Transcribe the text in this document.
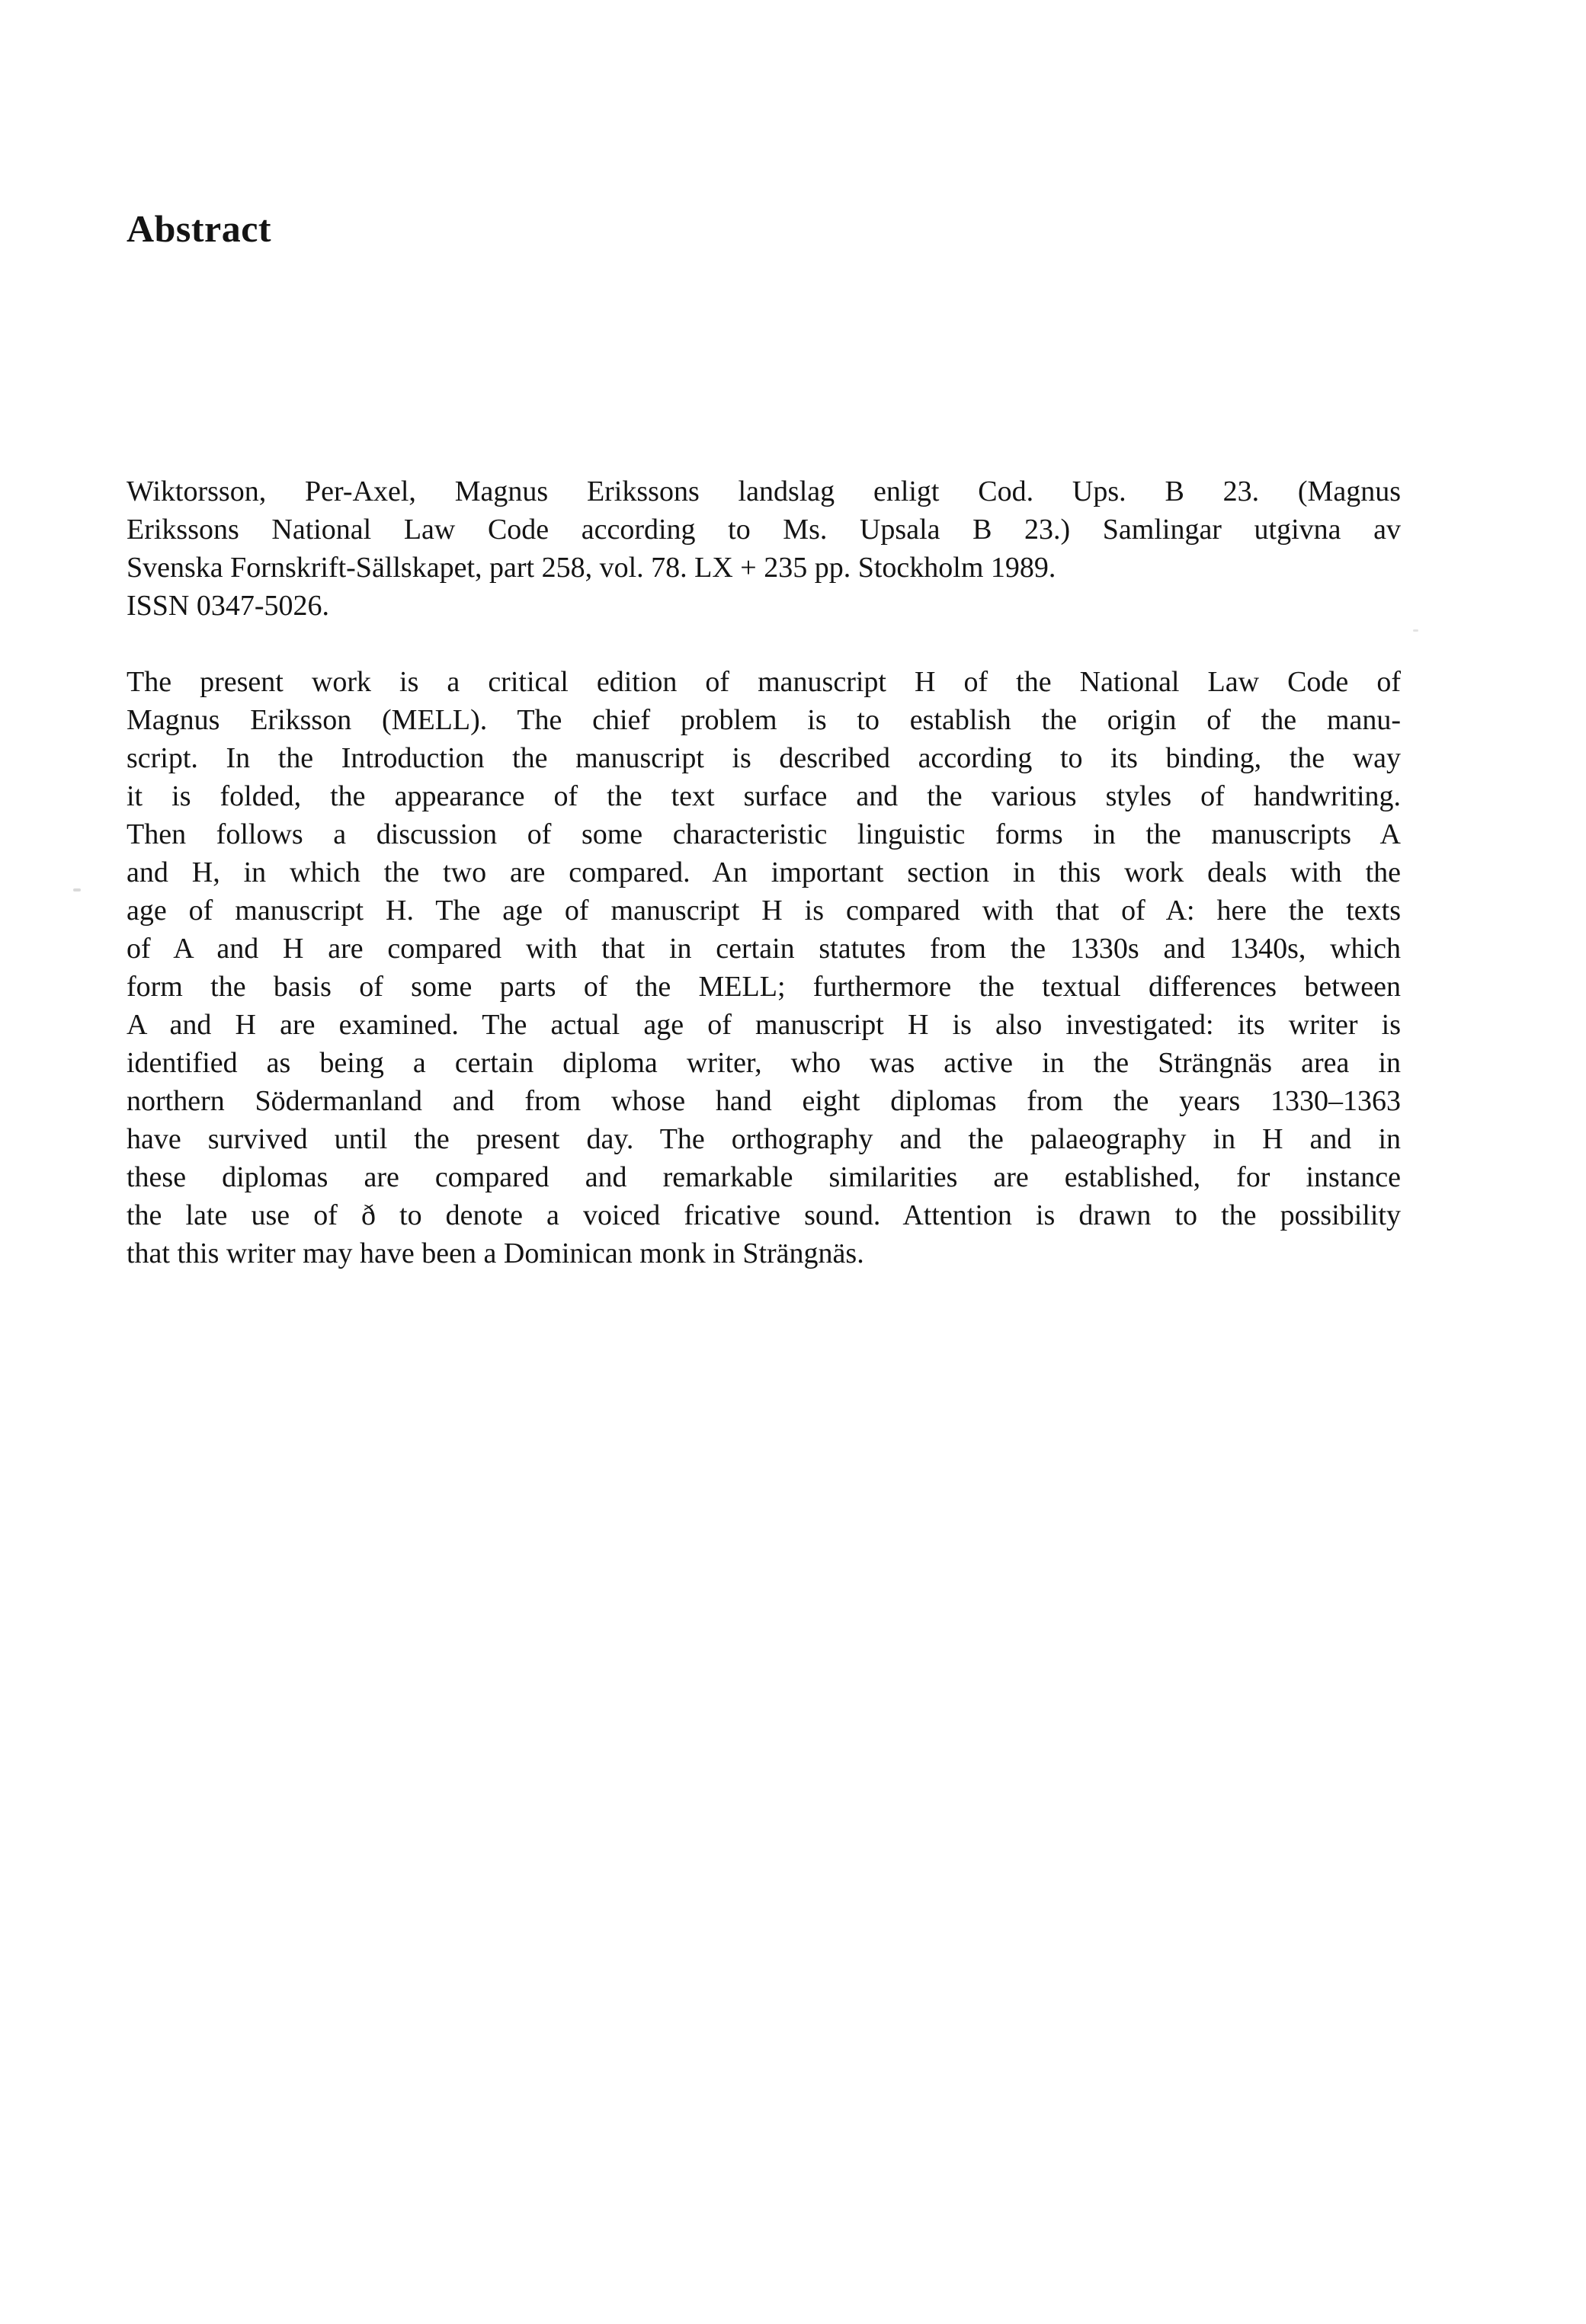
Abstract
Wiktorsson, Per-Axel, Magnus Erikssons landslag enligt Cod. Ups. B 23. (Magnus
Erikssons National Law Code according to Ms. Upsala B 23.) Samlingar utgivna av
Svenska Fornskrift-Sällskapet, part 258, vol. 78. LX + 235 pp. Stockholm 1989.
ISSN 0347-5026.
The present work is a critical edition of manuscript H of the National Law Code of
Magnus Eriksson (MELL). The chief problem is to establish the origin of the manu-
script. In the Introduction the manuscript is described according to its binding, the way
it is folded, the appearance of the text surface and the various styles of handwriting.
Then follows a discussion of some characteristic linguistic forms in the manuscripts A
and H, in which the two are compared. An important section in this work deals with the
age of manuscript H. The age of manuscript H is compared with that of A: here the texts
of A and H are compared with that in certain statutes from the 1330s and 1340s, which
form the basis of some parts of the MELL; furthermore the textual differences between
A and H are examined. The actual age of manuscript H is also investigated: its writer is
identified as being a certain diploma writer, who was active in the Strängnäs area in
northern Södermanland and from whose hand eight diplomas from the years 1330–1363
have survived until the present day. The orthography and the palaeography in H and in
these diplomas are compared and remarkable similarities are established, for instance
the late use of ð to denote a voiced fricative sound. Attention is drawn to the possibility
that this writer may have been a Dominican monk in Strängnäs.
